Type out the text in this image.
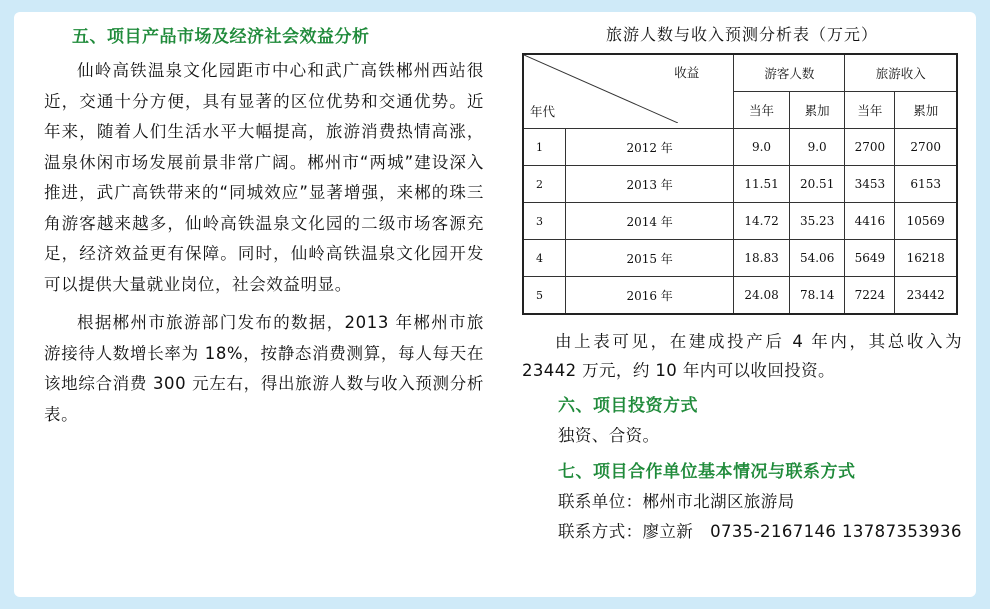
五、项目产品市场及经济社会效益分析

仙岭高铁温泉文化园距市中心和武广高铁郴州西站很近，交通十分方便，具有显著的区位优势和交通优势。近年来，随着人们生活水平大幅提高，旅游消费热情高涨，温泉休闲市场发展前景非常广阔。郴州市“两城”建设深入推进，武广高铁带来的“同城效应”显著增强，来郴的珠三角游客越来越多，仙岭高铁温泉文化园的二级市场客源充足，经济效益更有保障。同时，仙岭高铁温泉文化园开发可以提供大量就业岗位，社会效益明显。

根据郴州市旅游部门发布的数据，2013 年郴州市旅游接待人数增长率为 18%，按静态消费测算，每人每天在该地综合消费 300 元左右，得出旅游人数与收入预测分析表。

旅游人数与收入预测分析表（万元）

收益
年代		游客人数		旅游收入	
		当年	累加	当年	累加
1	2012 年	9.0	9.0	2700	2700
2	2013 年	11.51	20.51	3453	6153
3	2014 年	14.72	35.23	4416	10569
4	2015 年	18.83	54.06	5649	16218
5	2016 年	24.08	78.14	7224	23442

由上表可见，在建成投产后 4 年内，其总收入为 23442 万元，约 10 年内可以收回投资。

六、项目投资方式

独资、合资。

七、项目合作单位基本情况与联系方式

联系单位：郴州市北湖区旅游局

联系方式：廖立新　0735-2167146 13787353936
